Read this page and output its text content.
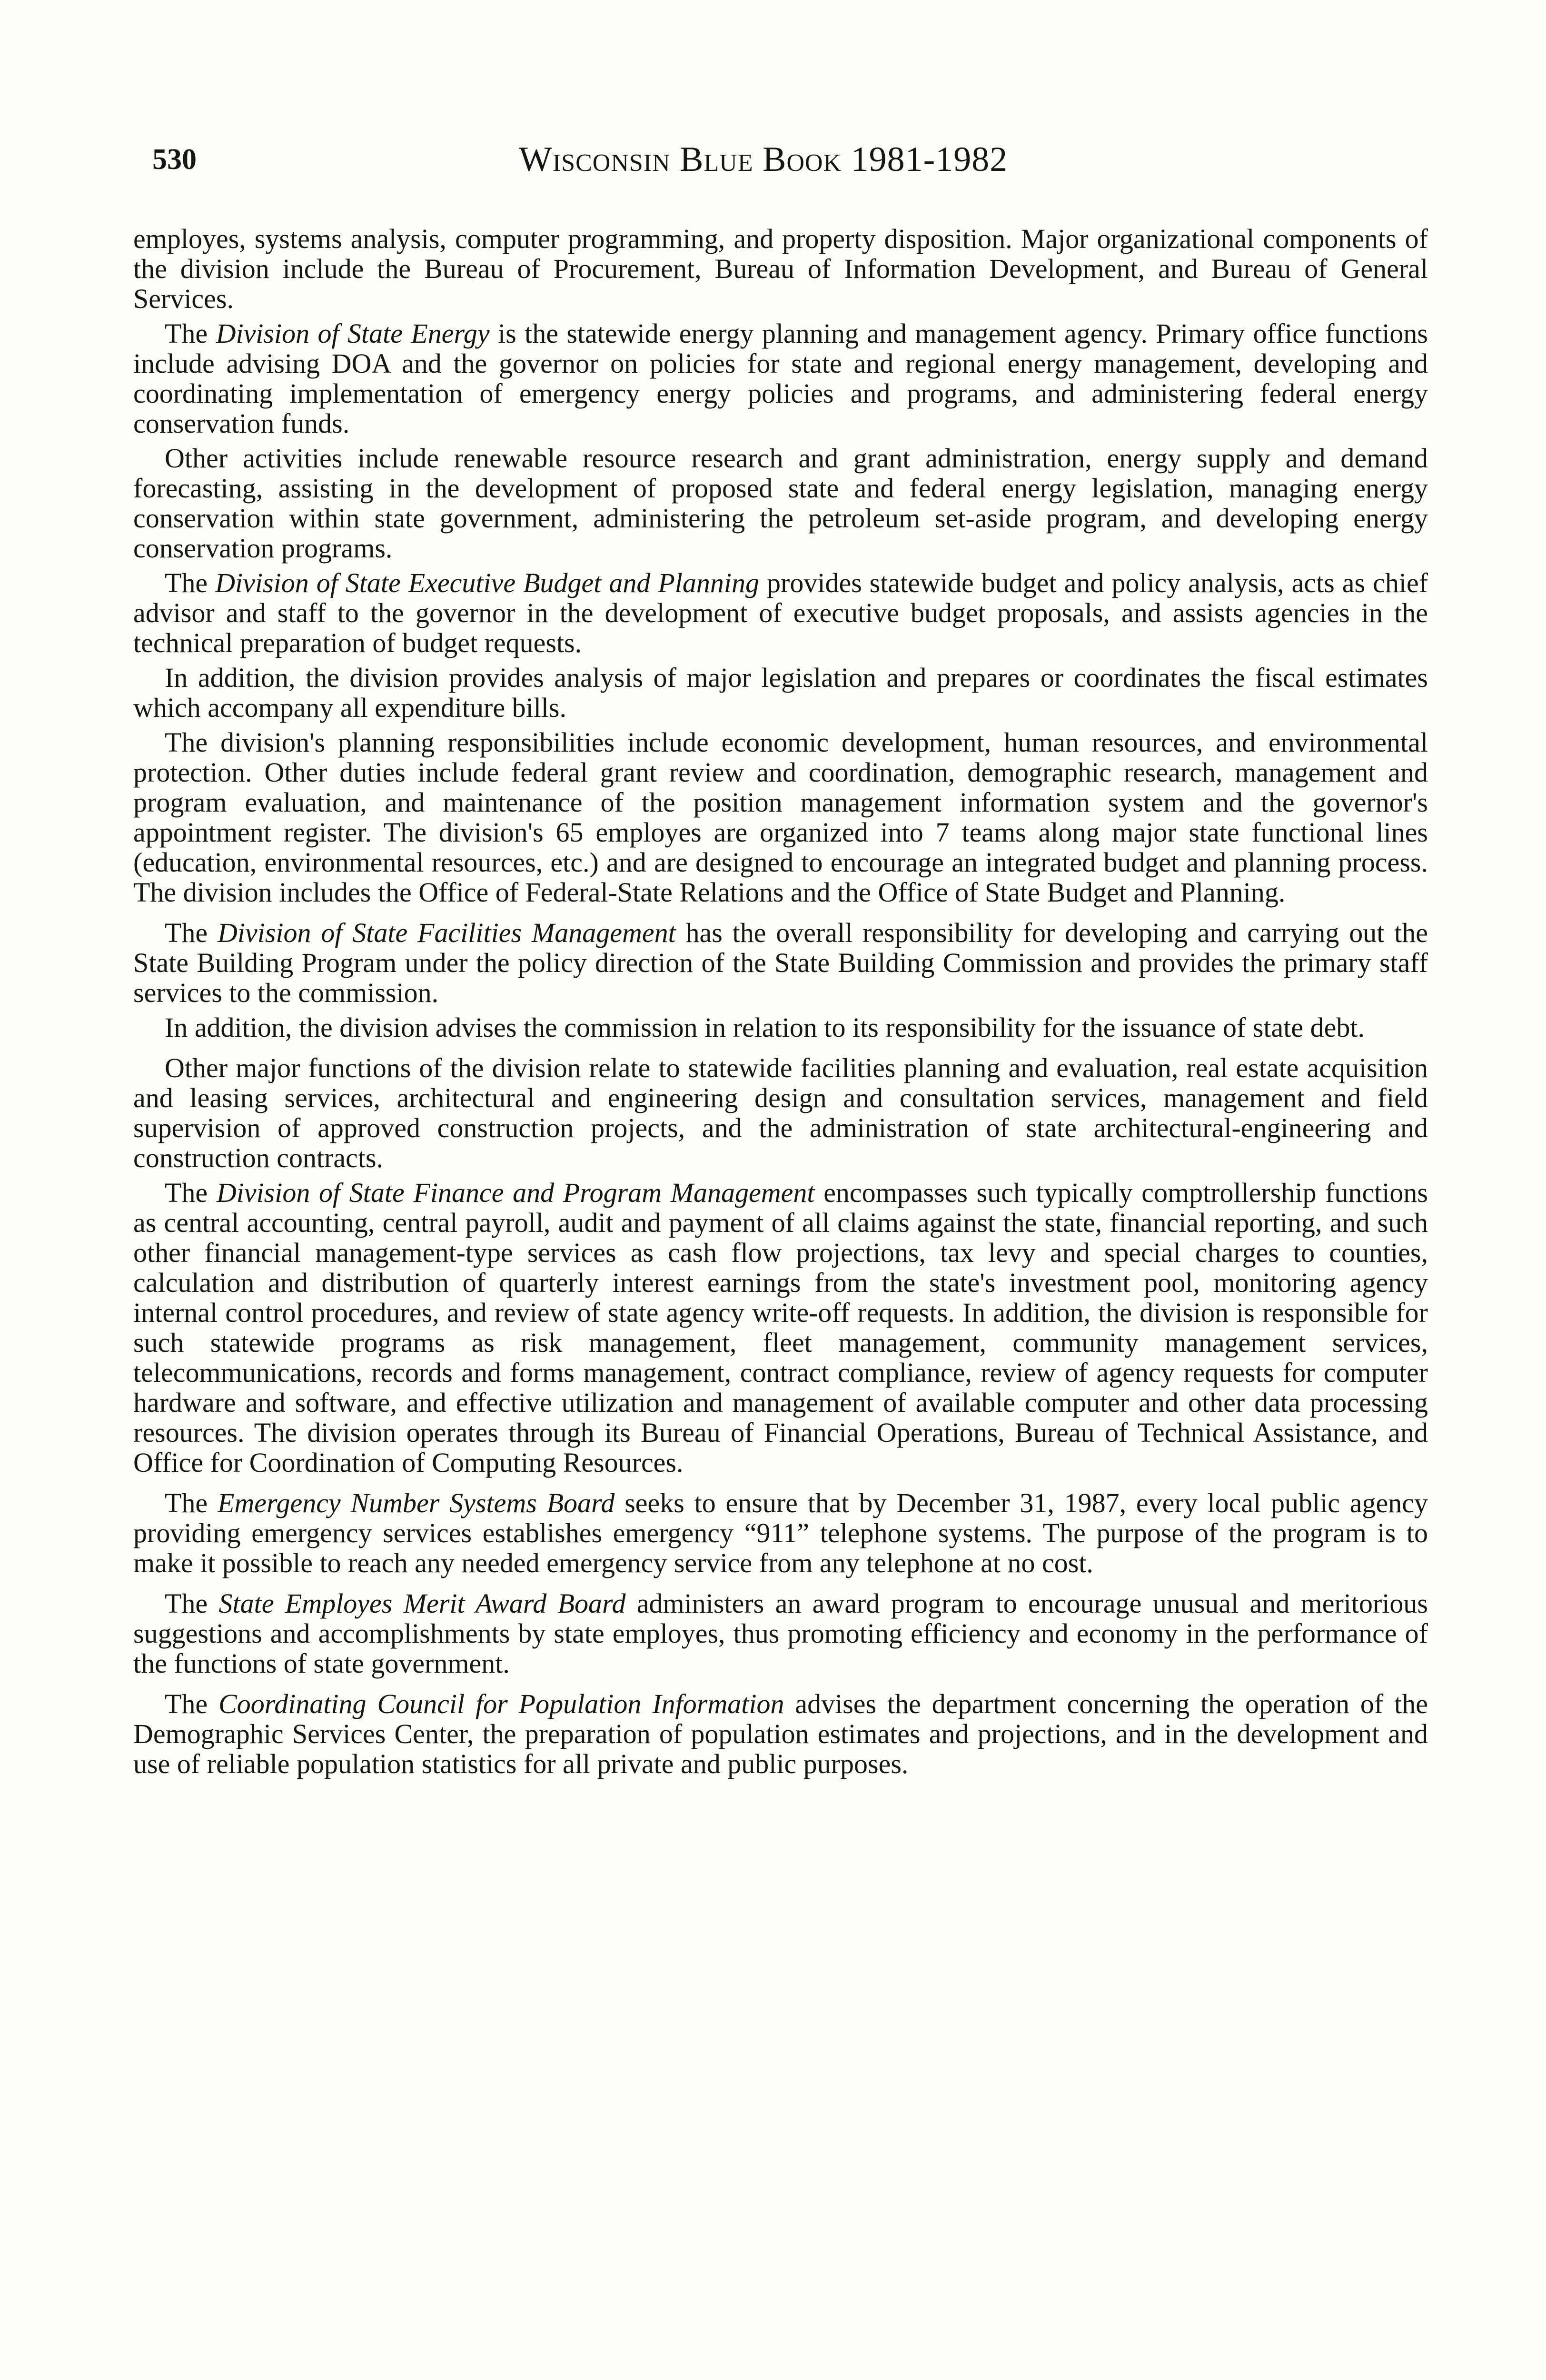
530	Wisconsin Blue Book 1981-1982

employes, systems analysis, computer programming, and property disposition. Major organizational components of the division include the Bureau of Procurement, Bureau of Information Development, and Bureau of General Services.

The Division of State Energy is the statewide energy planning and management agency. Primary office functions include advising DOA and the governor on policies for state and regional energy management, developing and coordinating implementation of emergency energy policies and programs, and administering federal energy conservation funds.

Other activities include renewable resource research and grant administration, energy supply and demand forecasting, assisting in the development of proposed state and federal energy legislation, managing energy conservation within state government, administering the petroleum set-aside program, and developing energy conservation programs.

The Division of State Executive Budget and Planning provides statewide budget and policy analysis, acts as chief advisor and staff to the governor in the development of executive budget proposals, and assists agencies in the technical preparation of budget requests.

In addition, the division provides analysis of major legislation and prepares or coordinates the fiscal estimates which accompany all expenditure bills.

The division's planning responsibilities include economic development, human resources, and environmental protection. Other duties include federal grant review and coordination, demographic research, management and program evaluation, and maintenance of the position management information system and the governor's appointment register. The division's 65 employes are organized into 7 teams along major state functional lines (education, environmental resources, etc.) and are designed to encourage an integrated budget and planning process. The division includes the Office of Federal-State Relations and the Office of State Budget and Planning.

The Division of State Facilities Management has the overall responsibility for developing and carrying out the State Building Program under the policy direction of the State Building Commission and provides the primary staff services to the commission.

In addition, the division advises the commission in relation to its responsibility for the issuance of state debt.

Other major functions of the division relate to statewide facilities planning and evaluation, real estate acquisition and leasing services, architectural and engineering design and consultation services, management and field supervision of approved construction projects, and the administration of state architectural-engineering and construction contracts.

The Division of State Finance and Program Management encompasses such typically comptrollership functions as central accounting, central payroll, audit and payment of all claims against the state, financial reporting, and such other financial management-type services as cash flow projections, tax levy and special charges to counties, calculation and distribution of quarterly interest earnings from the state's investment pool, monitoring agency internal control procedures, and review of state agency write-off requests. In addition, the division is responsible for such statewide programs as risk management, fleet management, community management services, telecommunications, records and forms management, contract compliance, review of agency requests for computer hardware and software, and effective utilization and management of available computer and other data processing resources. The division operates through its Bureau of Financial Operations, Bureau of Technical Assistance, and Office for Coordination of Computing Resources.

The Emergency Number Systems Board seeks to ensure that by December 31, 1987, every local public agency providing emergency services establishes emergency “911” telephone systems. The purpose of the program is to make it possible to reach any needed emergency service from any telephone at no cost.

The State Employes Merit Award Board administers an award program to encourage unusual and meritorious suggestions and accomplishments by state employes, thus promoting efficiency and economy in the performance of the functions of state government.

The Coordinating Council for Population Information advises the department concerning the operation of the Demographic Services Center, the preparation of population estimates and projections, and in the development and use of reliable population statistics for all private and public purposes.
